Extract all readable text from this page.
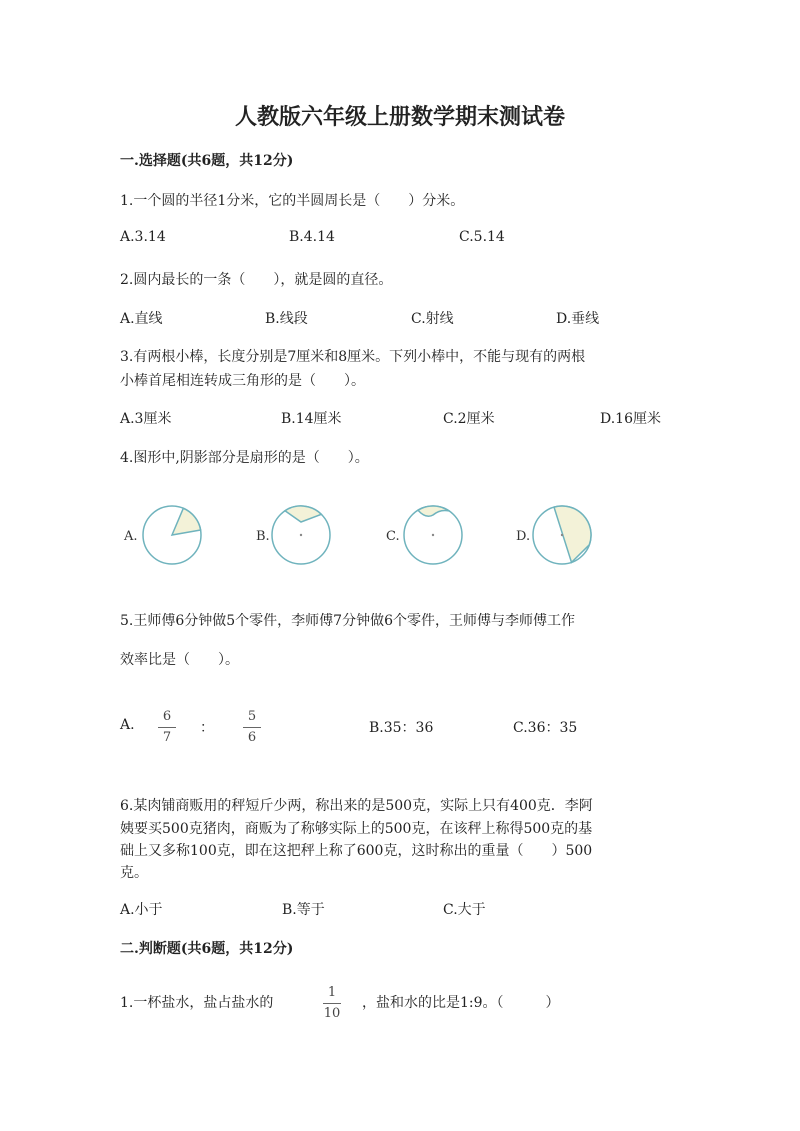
人教版六年级上册数学期末测试卷
一.选择题(共6题，共12分)
1.一个圆的半径1分米，它的半圆周长是（　　）分米。
A.3.14	B.4.14	C.5.14
2.圆内最长的一条（　　），就是圆的直径。
A.直线	B.线段	C.射线	D.垂线
3.有两根小棒，长度分别是7厘米和8厘米。下列小棒中，不能与现有的两根
小棒首尾相连转成三角形的是（　　）。
A.3厘米	B.14厘米	C.2厘米	D.16厘米
4.图形中,阴影部分是扇形的是（　　）。
A.	B.	C.	D.
5.王师傅6分钟做5个零件，李师傅7分钟做6个零件，王师傅与李师傅工作
效率比是（　　）。
A.
6
7
：
5
6
B.35：36	C.36：35
6.某肉铺商贩用的秤短斤少两，称出来的是500克，实际上只有400克．李阿
姨要买500克猪肉，商贩为了称够实际上的500克，在该秤上称得500克的基
础上又多称100克，即在这把秤上称了600克，这时称出的重量（　　）500
克。
A.小于	B.等于	C.大于
二.判断题(共6题，共12分)
1.一杯盐水，盐占盐水的
1
10
，盐和水的比是1:9。（　　　）
